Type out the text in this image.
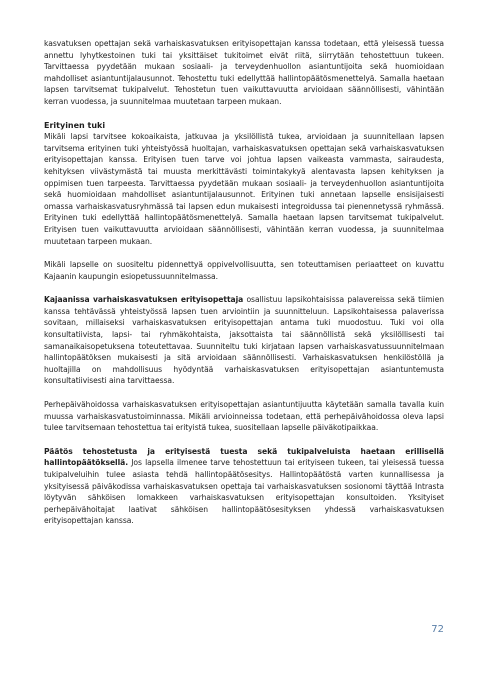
kasvatuksen opettajan sekä varhaiskasvatuksen erityisopettajan kanssa todetaan, että yleisessä tuessa annettu lyhytkestoinen tuki tai yksittäiset tukitoimet eivät riitä, siirrytään tehostettuun tukeen. Tarvittaessa pyydetään mukaan sosiaali- ja terveydenhuollon asiantuntijoita sekä huomioidaan mahdolliset asiantuntijalausunnot. Tehostettu tuki edellyttää hallintopäätösmenettelyä. Samalla haetaan lapsen tarvitsemat tukipalvelut. Tehostetun tuen vaikuttavuutta arvioidaan säännöllisesti, vähintään kerran vuodessa, ja suunnitelmaa muutetaan tarpeen mukaan.

Erityinen tuki

Mikäli lapsi tarvitsee kokoaikaista, jatkuvaa ja yksilöllistä tukea, arvioidaan ja suunnitellaan lapsen tarvitsema erityinen tuki yhteistyössä huoltajan, varhaiskasvatuksen opettajan sekä varhaiskasvatuksen erityisopettajan kanssa. Erityisen tuen tarve voi johtua lapsen vaikeasta vammasta, sairaudesta, kehityksen viivästymästä tai muusta merkittävästi toimintakykyä alentavasta lapsen kehityksen ja oppimisen tuen tarpeesta. Tarvittaessa pyydetään mukaan sosiaali- ja terveydenhuollon asiantuntijoita sekä huomioidaan mahdolliset asiantuntijalausunnot. Erityinen tuki annetaan lapselle ensisijaisesti omassa varhaiskasvatusryhmässä tai lapsen edun mukaisesti integroidussa tai pienennetyssä ryhmässä. Erityinen tuki edellyttää hallintopäätösmenettelyä. Samalla haetaan lapsen tarvitsemat tukipalvelut. Erityisen tuen vaikuttavuutta arvioidaan säännöllisesti, vähintään kerran vuodessa, ja suunnitelmaa muutetaan tarpeen mukaan.

Mikäli lapselle on suositeltu pidennettyä oppivelvollisuutta, sen toteuttamisen periaatteet on kuvattu Kajaanin kaupungin esiopetussuunnitelmassa.

Kajaanissa varhaiskasvatuksen erityisopettaja osallistuu lapsikohtaisissa palavereissa sekä tiimien kanssa tehtävässä yhteistyössä lapsen tuen arviointiin ja suunnitteluun. Lapsikohtaisessa palaverissa sovitaan, millaiseksi varhaiskasvatuksen erityisopettajan antama tuki muodostuu. Tuki voi olla konsultatiivista, lapsi- tai ryhmäkohtaista, jaksottaista tai säännöllistä sekä yksilöllisesti tai samanaikaisopetuksena toteutettavaa. Suunniteltu tuki kirjataan lapsen varhaiskasvatussuunnitelmaan hallintopäätöksen mukaisesti ja sitä arvioidaan säännöllisesti. Varhaiskasvatuksen henkilöstöllä ja huoltajilla on mahdollisuus hyödyntää varhaiskasvatuksen erityisopettajan asiantuntemusta konsultatiivisesti aina tarvittaessa.

Perhepäivähoidossa varhaiskasvatuksen erityisopettajan asiantuntijuutta käytetään samalla tavalla kuin muussa varhaiskasvatustoiminnassa. Mikäli arvioinneissa todetaan, että perhepäivähoidossa oleva lapsi tulee tarvitsemaan tehostettua tai erityistä tukea, suositellaan lapselle päiväkotipaikkaa.

Päätös tehostetusta ja erityisestä tuesta sekä tukipalveluista haetaan erillisellä hallintopäätöksellä. Jos lapsella ilmenee tarve tehostettuun tai erityiseen tukeen, tai yleisessä tuessa tukipalveluihin tulee asiasta tehdä hallintopäätösesitys. Hallintopäätöstä varten kunnallisessa ja yksityisessä päiväkodissa varhaiskasvatuksen opettaja tai varhaiskasvatuksen sosionomi täyttää Intrasta löytyvän sähköisen lomakkeen varhaiskasvatuksen erityisopettajan konsultoiden. Yksityiset perhepäivähoitajat laativat sähköisen hallintopäätösesityksen yhdessä varhaiskasvatuksen erityisopettajan kanssa.

72
